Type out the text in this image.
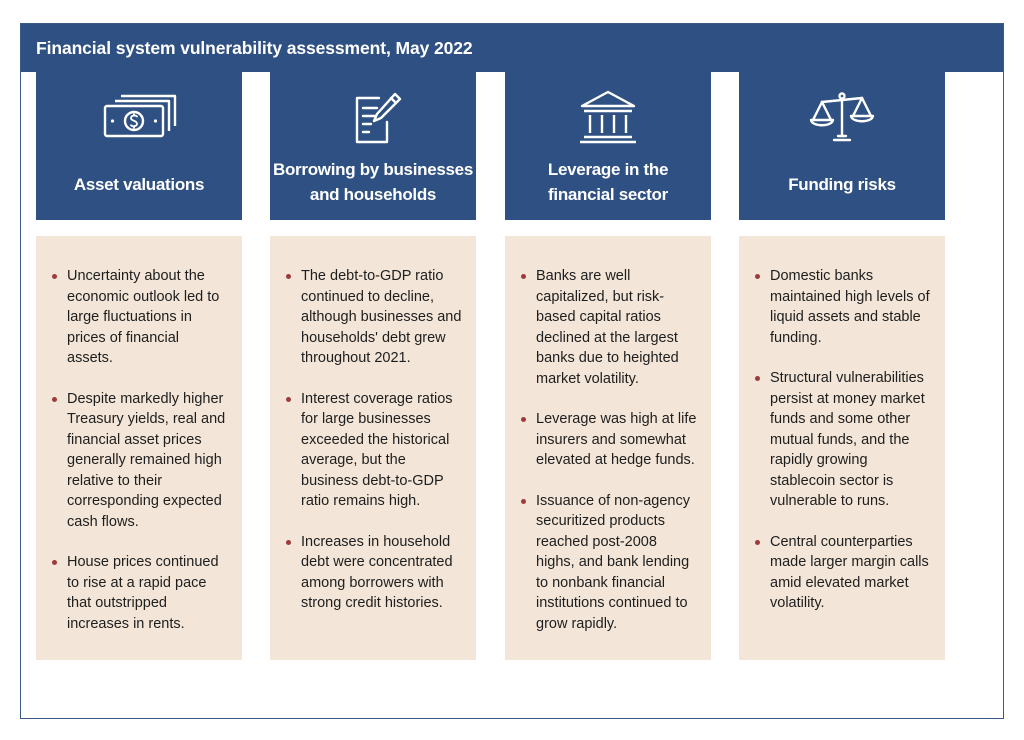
Financial system vulnerability assessment, May 2022
Asset valuations
Uncertainty about the economic outlook led to large fluctuations in prices of financial assets.
Despite markedly higher Treasury yields, real and financial asset prices generally remained high relative to their corresponding expected cash flows.
House prices continued to rise at a rapid pace that outstripped increases in rents.
Borrowing by businesses
and households
The debt-to-GDP ratio continued to decline, although businesses and households' debt grew throughout 2021.
Interest coverage ratios for large businesses exceeded the historical average, but the business debt-to-GDP ratio remains high.
Increases in household debt were concentrated among borrowers with strong credit histories.
Leverage in the
financial sector
Banks are well capitalized, but risk-based capital ratios declined at the largest banks due to heighted market volatility.
Leverage was high at life insurers and somewhat elevated at hedge funds.
Issuance of non-agency securitized products reached post-2008 highs, and bank lending to nonbank financial institutions continued to grow rapidly.
Funding risks
Domestic banks maintained high levels of liquid assets and stable funding.
Structural vulnerabilities persist at money market funds and some other mutual funds, and the rapidly growing stablecoin sector is vulnerable to runs.
Central counterparties made larger margin calls amid elevated market volatility.
